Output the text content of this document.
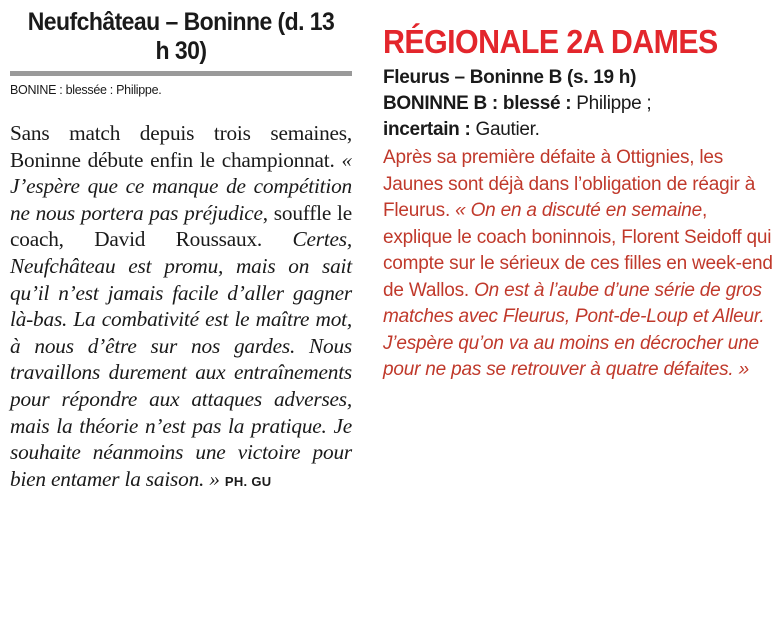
Neufchâteau – Boninne (d. 13 h 30)
BONINE : blessée : Philippe.
Sans match depuis trois semaines, Boninne débute enfin le championnat. « J’espère que ce manque de compétition ne nous portera pas préjudice, souffle le coach, David Roussaux. Certes, Neufchâteau est promu, mais on sait qu’il n’est jamais facile d’aller gagner là-bas. La combativité est le maître mot, à nous d’être sur nos gardes. Nous travaillons durement aux entraînements pour répondre aux attaques adverses, mais la théorie n’est pas la pratique. Je souhaite néanmoins une victoire pour bien entamer la saison. » PH. GU
RÉGIONALE 2A DAMES
Fleurus – Boninne B (s. 19 h)
BONINNE B : blessé : Philippe ;
incertain : Gautier.
Après sa première défaite à Ottignies, les Jaunes sont déjà dans l’obligation de réagir à Fleurus. « On en a discuté en semaine, explique le coach boninnois, Florent Seidoff qui compte sur le sérieux de ces filles en week-end de Wallos. On est à l’aube d’une série de gros matches avec Fleurus, Pont-de-Loup et Alleur. J’espère qu’on va au moins en décrocher une pour ne pas se retrouver à quatre défaites. »
